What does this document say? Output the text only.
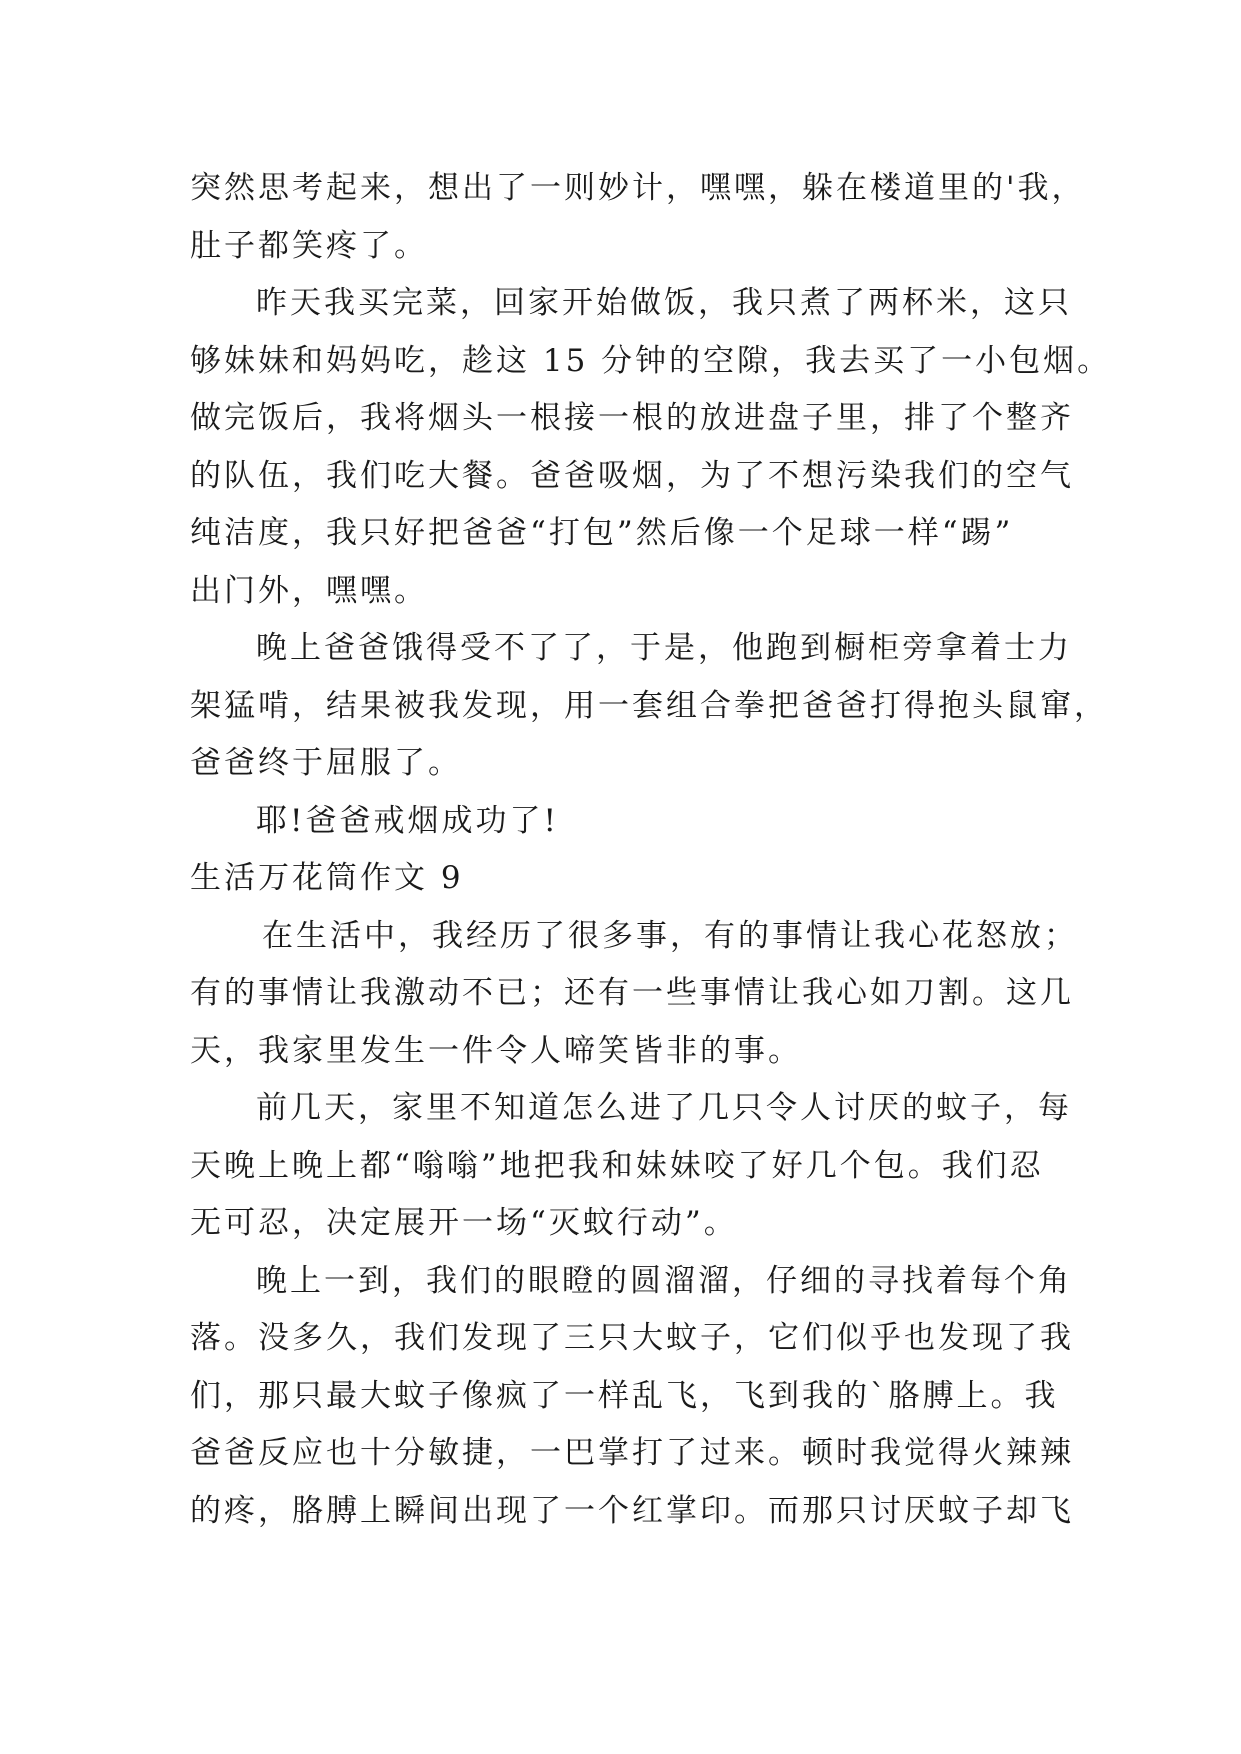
突然思考起来，想出了一则妙计，嘿嘿，躲在楼道里的'我，
肚子都笑疼了。
昨天我买完菜，回家开始做饭，我只煮了两杯米，这只
够妹妹和妈妈吃，趁这 15 分钟的空隙，我去买了一小包烟。
做完饭后，我将烟头一根接一根的放进盘子里，排了个整齐
的队伍，我们吃大餐。爸爸吸烟，为了不想污染我们的空气
纯洁度，我只好把爸爸“打包”然后像一个足球一样“踢”
出门外，嘿嘿。
晚上爸爸饿得受不了了，于是，他跑到橱柜旁拿着士力
架猛啃，结果被我发现，用一套组合拳把爸爸打得抱头鼠窜，
爸爸终于屈服了。
耶!爸爸戒烟成功了!
生活万花筒作文 9
在生活中，我经历了很多事，有的事情让我心花怒放；
有的事情让我激动不已；还有一些事情让我心如刀割。这几
天，我家里发生一件令人啼笑皆非的事。
前几天，家里不知道怎么进了几只令人讨厌的蚊子，每
天晚上晚上都“嗡嗡”地把我和妹妹咬了好几个包。我们忍
无可忍，决定展开一场“灭蚊行动”。
晚上一到，我们的眼瞪的圆溜溜，仔细的寻找着每个角
落。没多久，我们发现了三只大蚊子，它们似乎也发现了我
们，那只最大蚊子像疯了一样乱飞，飞到我的`胳膊上。我
爸爸反应也十分敏捷，一巴掌打了过来。顿时我觉得火辣辣
的疼，胳膊上瞬间出现了一个红掌印。而那只讨厌蚊子却飞
